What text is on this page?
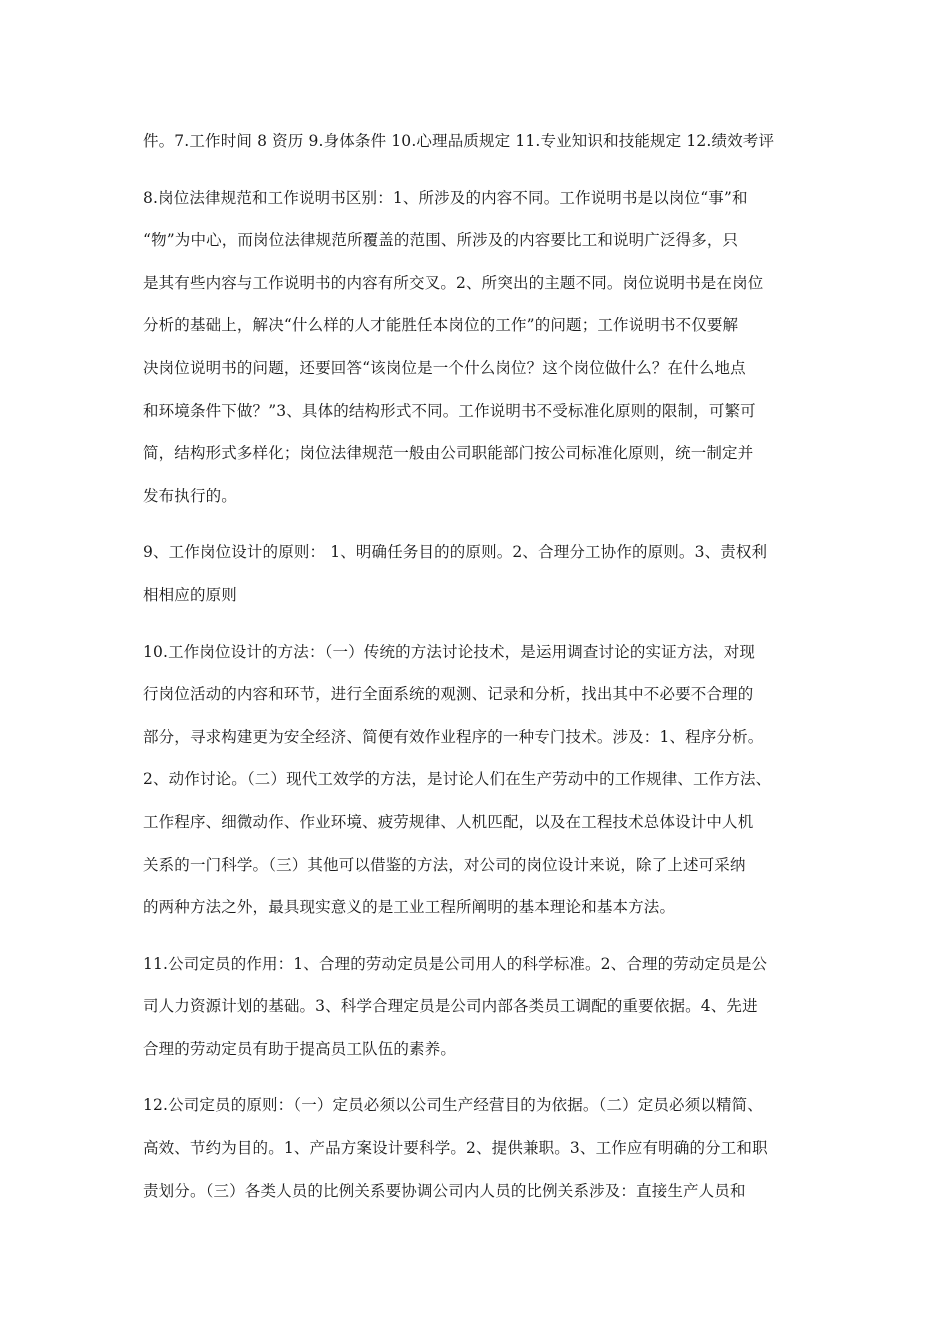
件。7.工作时间 8 资历 9.身体条件 10.心理品质规定 11.专业知识和技能规定 12.绩效考评
8.岗位法律规范和工作说明书区别：1、所涉及的内容不同。工作说明书是以岗位“事”和
“物”为中心，而岗位法律规范所覆盖的范围、所涉及的内容要比工和说明广泛得多，只
是其有些内容与工作说明书的内容有所交叉。2、所突出的主题不同。岗位说明书是在岗位
分析的基础上，解决“什么样的人才能胜任本岗位的工作”的问题；工作说明书不仅要解
决岗位说明书的问题，还要回答“该岗位是一个什么岗位？这个岗位做什么？在什么地点
和环境条件下做？”3、具体的结构形式不同。工作说明书不受标准化原则的限制，可繁可
简，结构形式多样化；岗位法律规范一般由公司职能部门按公司标准化原则，统一制定并
发布执行的。
9、工作岗位设计的原则： 1、明确任务目的的原则。2、合理分工协作的原则。3、责权利
相相应的原则
10.工作岗位设计的方法：（一）传统的方法讨论技术，是运用调查讨论的实证方法，对现
行岗位活动的内容和环节，进行全面系统的观测、记录和分析，找出其中不必要不合理的
部分，寻求构建更为安全经济、简便有效作业程序的一种专门技术。涉及：1、程序分析。
2、动作讨论。（二）现代工效学的方法，是讨论人们在生产劳动中的工作规律、工作方法、
工作程序、细微动作、作业环境、疲劳规律、人机匹配，以及在工程技术总体设计中人机
关系的一门科学。（三）其他可以借鉴的方法，对公司的岗位设计来说，除了上述可采纳
的两种方法之外，最具现实意义的是工业工程所阐明的基本理论和基本方法。
11.公司定员的作用：1、合理的劳动定员是公司用人的科学标准。2、合理的劳动定员是公
司人力资源计划的基础。3、科学合理定员是公司内部各类员工调配的重要依据。4、先进
合理的劳动定员有助于提高员工队伍的素养。
12.公司定员的原则：（一）定员必须以公司生产经营目的为依据。（二）定员必须以精简、
高效、节约为目的。1、产品方案设计要科学。2、提供兼职。3、工作应有明确的分工和职
责划分。（三）各类人员的比例关系要协调公司内人员的比例关系涉及：直接生产人员和
